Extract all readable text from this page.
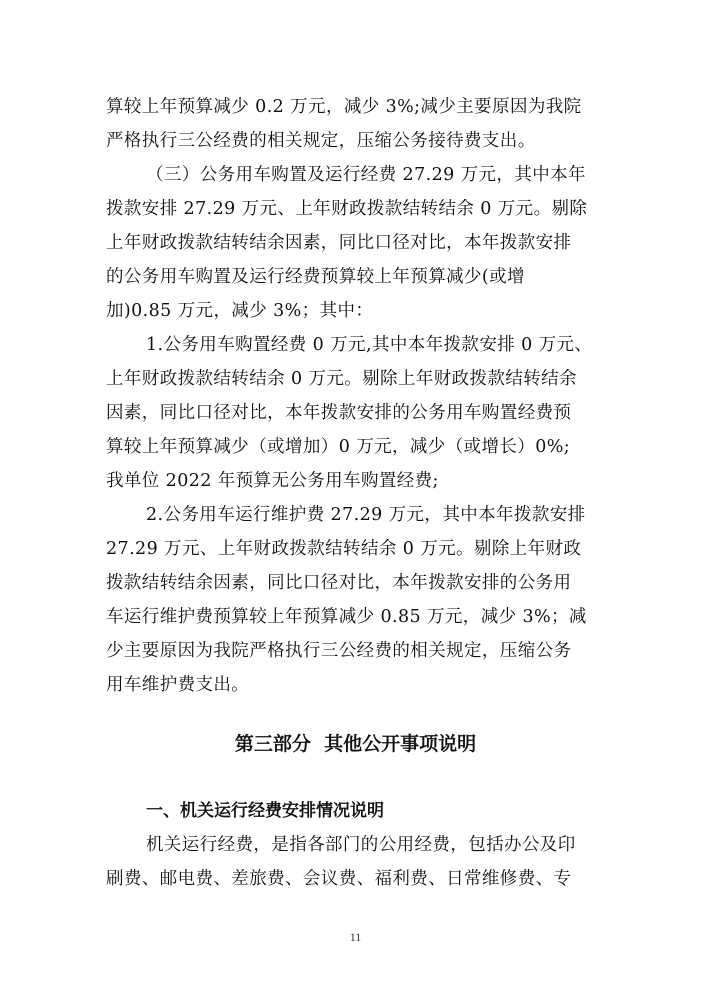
算较上年预算减少 0.2 万元，减少 3%;减少主要原因为我院
严格执行三公经费的相关规定，压缩公务接待费支出。
（三）公务用车购置及运行经费 27.29 万元，其中本年
拨款安排 27.29 万元、上年财政拨款结转结余 0 万元。剔除
上年财政拨款结转结余因素，同比口径对比，本年拨款安排
的公务用车购置及运行经费预算较上年预算减少(或增
加)0.85 万元，减少 3%；其中：
1.公务用车购置经费 0 万元,其中本年拨款安排 0 万元、
上年财政拨款结转结余 0 万元。剔除上年财政拨款结转结余
因素，同比口径对比，本年拨款安排的公务用车购置经费预
算较上年预算减少（或增加）0 万元，减少（或增长）0%;
我单位 2022 年预算无公务用车购置经费;
2.公务用车运行维护费 27.29 万元，其中本年拨款安排
27.29 万元、上年财政拨款结转结余 0 万元。剔除上年财政
拨款结转结余因素，同比口径对比，本年拨款安排的公务用
车运行维护费预算较上年预算减少 0.85 万元，减少 3%；减
少主要原因为我院严格执行三公经费的相关规定，压缩公务
用车维护费支出。
第三部分  其他公开事项说明
一、机关运行经费安排情况说明
机关运行经费，是指各部门的公用经费，包括办公及印
刷费、邮电费、差旅费、会议费、福利费、日常维修费、专
11
